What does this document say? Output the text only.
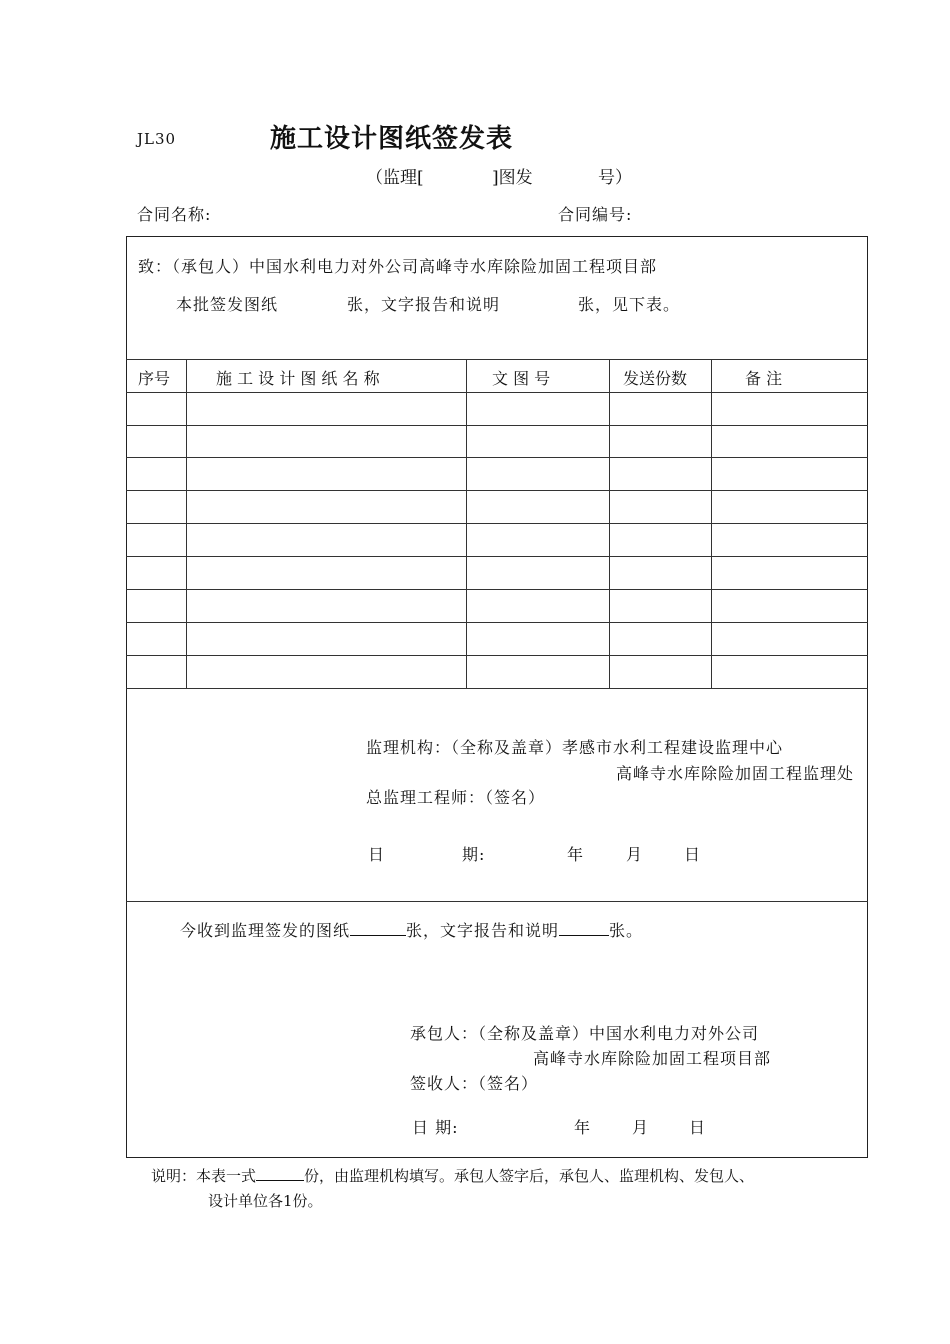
JL30	施工设计图纸签发表
（监理[	]图发	号）
合同名称:	合同编号:
致：（承包人）中国水利电力对外公司高峰寺水库除险加固工程项目部
本批签发图纸	张，文字报告和说明	张，见下表。
序号	施 工 设 计 图 纸 名 称	文 图 号	发送份数	备 注
监理机构：（全称及盖章）孝感市水利工程建设监理中心
高峰寺水库除险加固工程监理处
总监理工程师：（签名）
日	期:	年	月	日
今收到监理签发的图纸	张，文字报告和说明	张。
承包人：（全称及盖章）中国水利电力对外公司
高峰寺水库除险加固工程项目部
签收人：（签名）
日 期:	年	月 日
说明：本表一式	份，由监理机构填写。承包人签字后，承包人、监理机构、发包人、
设计单位各1份。
